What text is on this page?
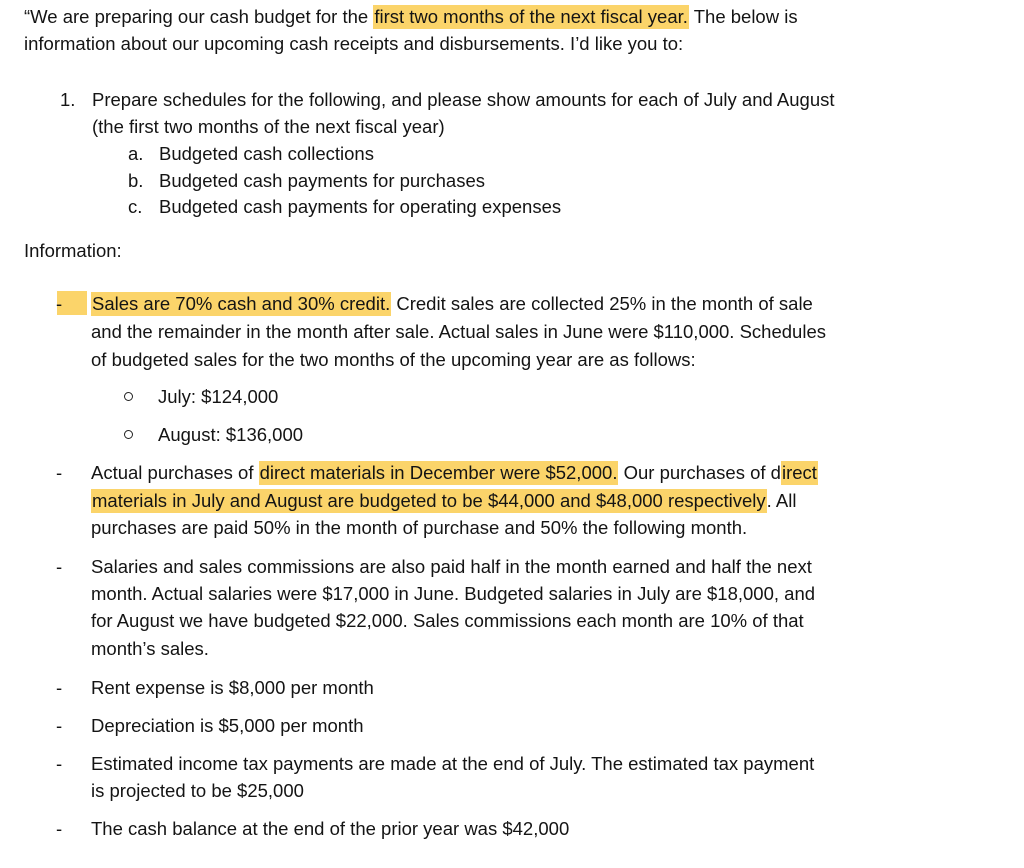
“We are preparing our cash budget for the first two months of the next fiscal year. The below is
information about our upcoming cash receipts and disbursements. I’d like you to:
1. Prepare schedules for the following, and please show amounts for each of July and August
(the first two months of the next fiscal year)
a. Budgeted cash collections
b. Budgeted cash payments for purchases
c. Budgeted cash payments for operating expenses
Information:
Sales are 70% cash and 30% credit. Credit sales are collected 25% in the month of sale
-
and the remainder in the month after sale. Actual sales in June were $110,000. Schedules
of budgeted sales for the two months of the upcoming year are as follows:
July: $124,000
August: $136,000
- Actual purchases of direct materials in December were $52,000. Our purchases of direct
materials in July and August are budgeted to be $44,000 and $48,000 respectively. All
purchases are paid 50% in the month of purchase and 50% the following month.
- Salaries and sales commissions are also paid half in the month earned and half the next
month. Actual salaries were $17,000 in June. Budgeted salaries in July are $18,000, and
for August we have budgeted $22,000. Sales commissions each month are 10% of that
month’s sales.
- Rent expense is $8,000 per month
- Depreciation is $5,000 per month
- Estimated income tax payments are made at the end of July. The estimated tax payment
is projected to be $25,000
- The cash balance at the end of the prior year was $42,000
